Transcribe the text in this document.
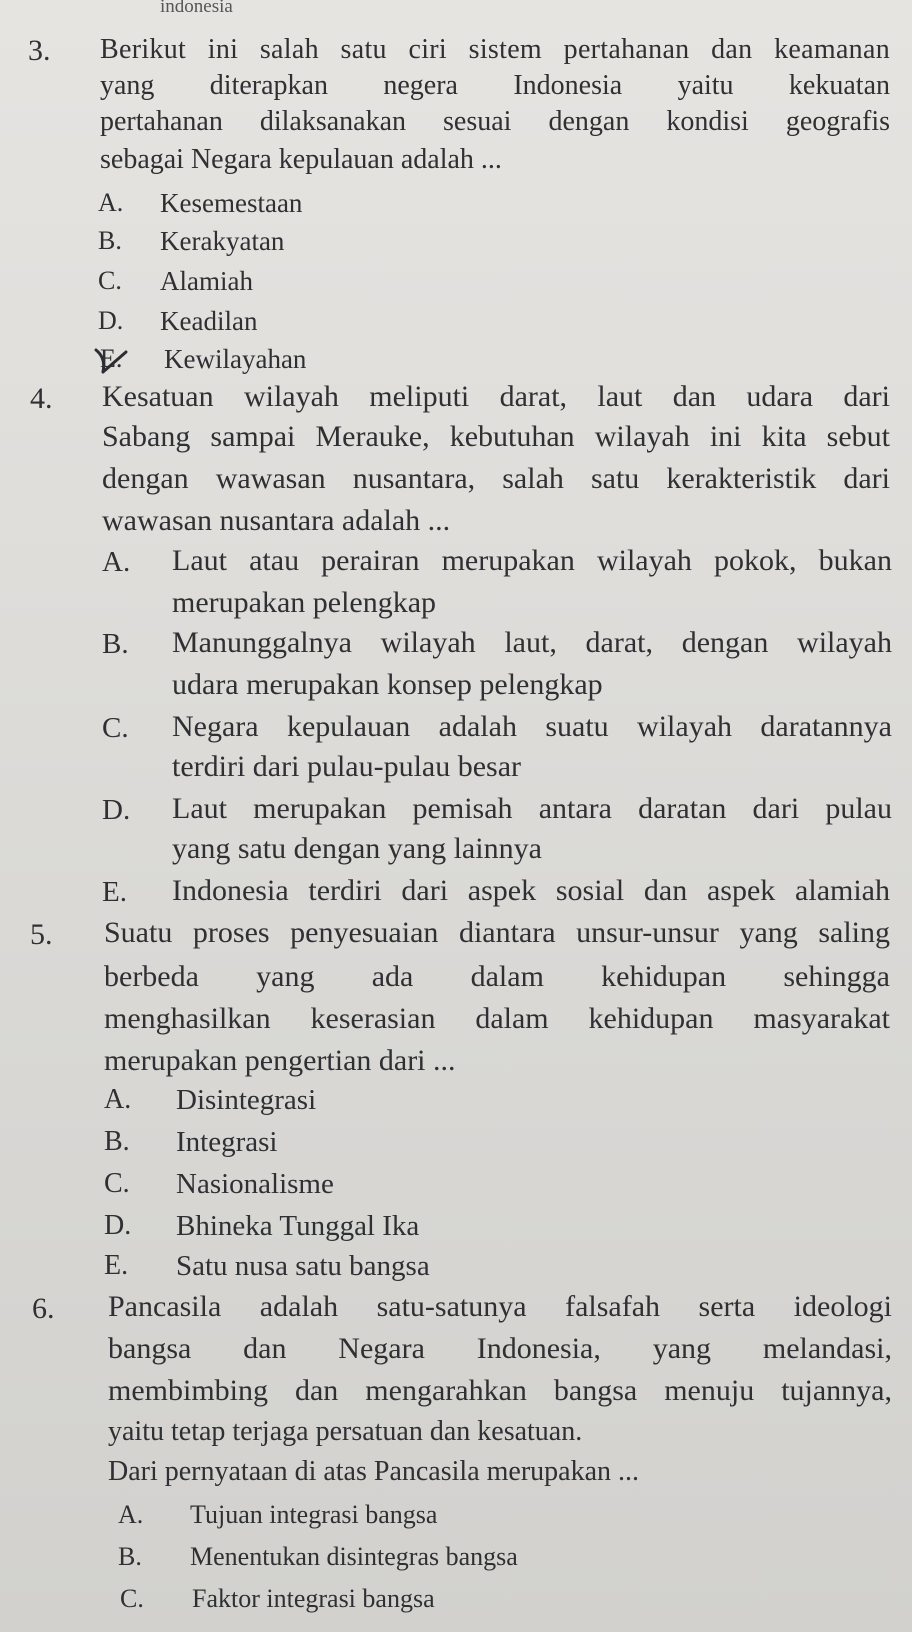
indonesia
3. Berikut ini salah satu ciri sistem pertahanan dan keamanan
yang diterapkan negera Indonesia yaitu kekuatan
pertahanan dilaksanakan sesuai dengan kondisi geografis
sebagai Negara kepulauan adalah ...
A. Kesemestaan
B. Kerakyatan
C. Alamiah
D. Keadilan
E. Kewilayahan
4. Kesatuan wilayah meliputi darat, laut dan udara dari
Sabang sampai Merauke, kebutuhan wilayah ini kita sebut
dengan wawasan nusantara, salah satu kerakteristik dari
wawasan nusantara adalah ...
A. Laut atau perairan merupakan wilayah pokok, bukan
merupakan pelengkap
B. Manunggalnya wilayah laut, darat, dengan wilayah
udara merupakan konsep pelengkap
C. Negara kepulauan adalah suatu wilayah daratannya
terdiri dari pulau-pulau besar
D. Laut merupakan pemisah antara daratan dari pulau
yang satu dengan yang lainnya
E. Indonesia terdiri dari aspek sosial dan aspek alamiah
5. Suatu proses penyesuaian diantara unsur-unsur yang saling
berbeda yang ada dalam kehidupan sehingga
menghasilkan keserasian dalam kehidupan masyarakat
merupakan pengertian dari ...
A. Disintegrasi
B. Integrasi
C. Nasionalisme
D. Bhineka Tunggal Ika
E. Satu nusa satu bangsa
6. Pancasila adalah satu-satunya falsafah serta ideologi
bangsa dan Negara Indonesia, yang melandasi,
membimbing dan mengarahkan bangsa menuju tujannya,
yaitu tetap terjaga persatuan dan kesatuan.
Dari pernyataan di atas Pancasila merupakan ...
A. Tujuan integrasi bangsa
B. Menentukan disintegras bangsa
C. Faktor integrasi bangsa
